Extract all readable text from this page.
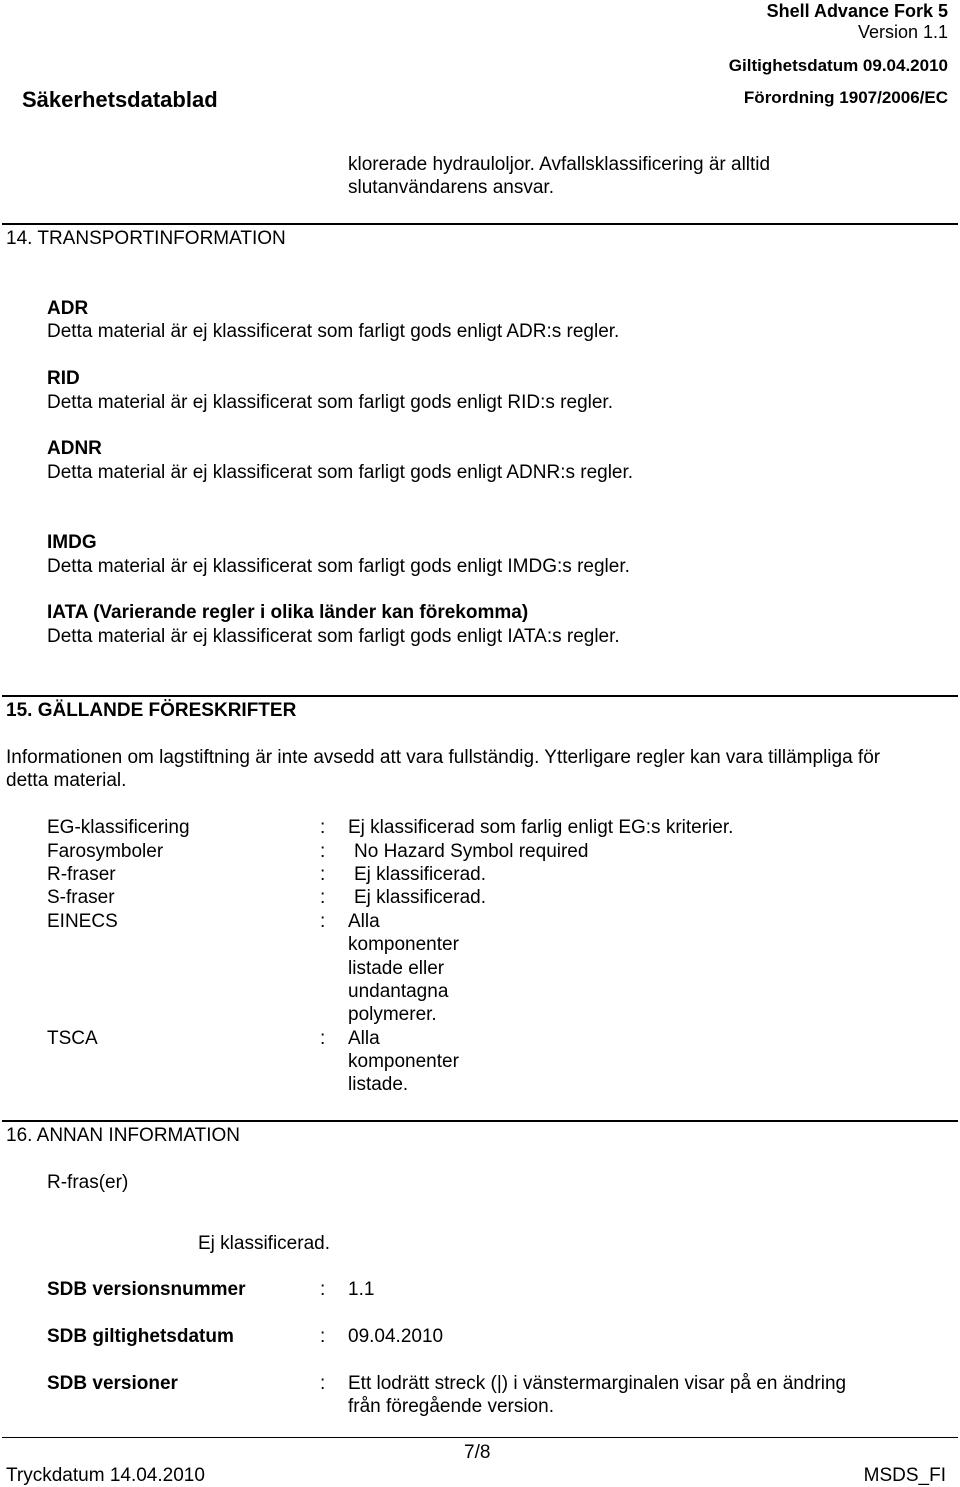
Shell Advance Fork 5
Version 1.1
Giltighetsdatum 09.04.2010
Säkerhetsdatablad	Förordning 1907/2006/EC
klorerade hydrauloljor. Avfallsklassificering är alltid
slutanvändarens ansvar.
14. TRANSPORTINFORMATION
ADR
Detta material är ej klassificerat som farligt gods enligt ADR:s regler.
RID
Detta material är ej klassificerat som farligt gods enligt RID:s regler.
ADNR
Detta material är ej klassificerat som farligt gods enligt ADNR:s regler.
IMDG
Detta material är ej klassificerat som farligt gods enligt IMDG:s regler.
IATA (Varierande regler i olika länder kan förekomma)
Detta material är ej klassificerat som farligt gods enligt IATA:s regler.
15. GÄLLANDE FÖRESKRIFTER
Informationen om lagstiftning är inte avsedd att vara fullständig. Ytterligare regler kan vara tillämpliga för
detta material.
EG-klassificering	: Ej klassificerad som farlig enligt EG:s kriterier.
Farosymboler	: No Hazard Symbol required
R-fraser	: Ej klassificerad.
S-fraser	: Ej klassificerad.
EINECS	: Alla
komponenter
listade eller
undantagna
polymerer.
TSCA	: Alla
komponenter
listade.
16. ANNAN INFORMATION
R-fras(er)
Ej klassificerad.
SDB versionsnummer	: 1.1
SDB giltighetsdatum	: 09.04.2010
SDB versioner	: Ett lodrätt streck (|) i vänstermarginalen visar på en ändring
från föregående version.
7/8
Tryckdatum 14.04.2010	MSDS_FI
